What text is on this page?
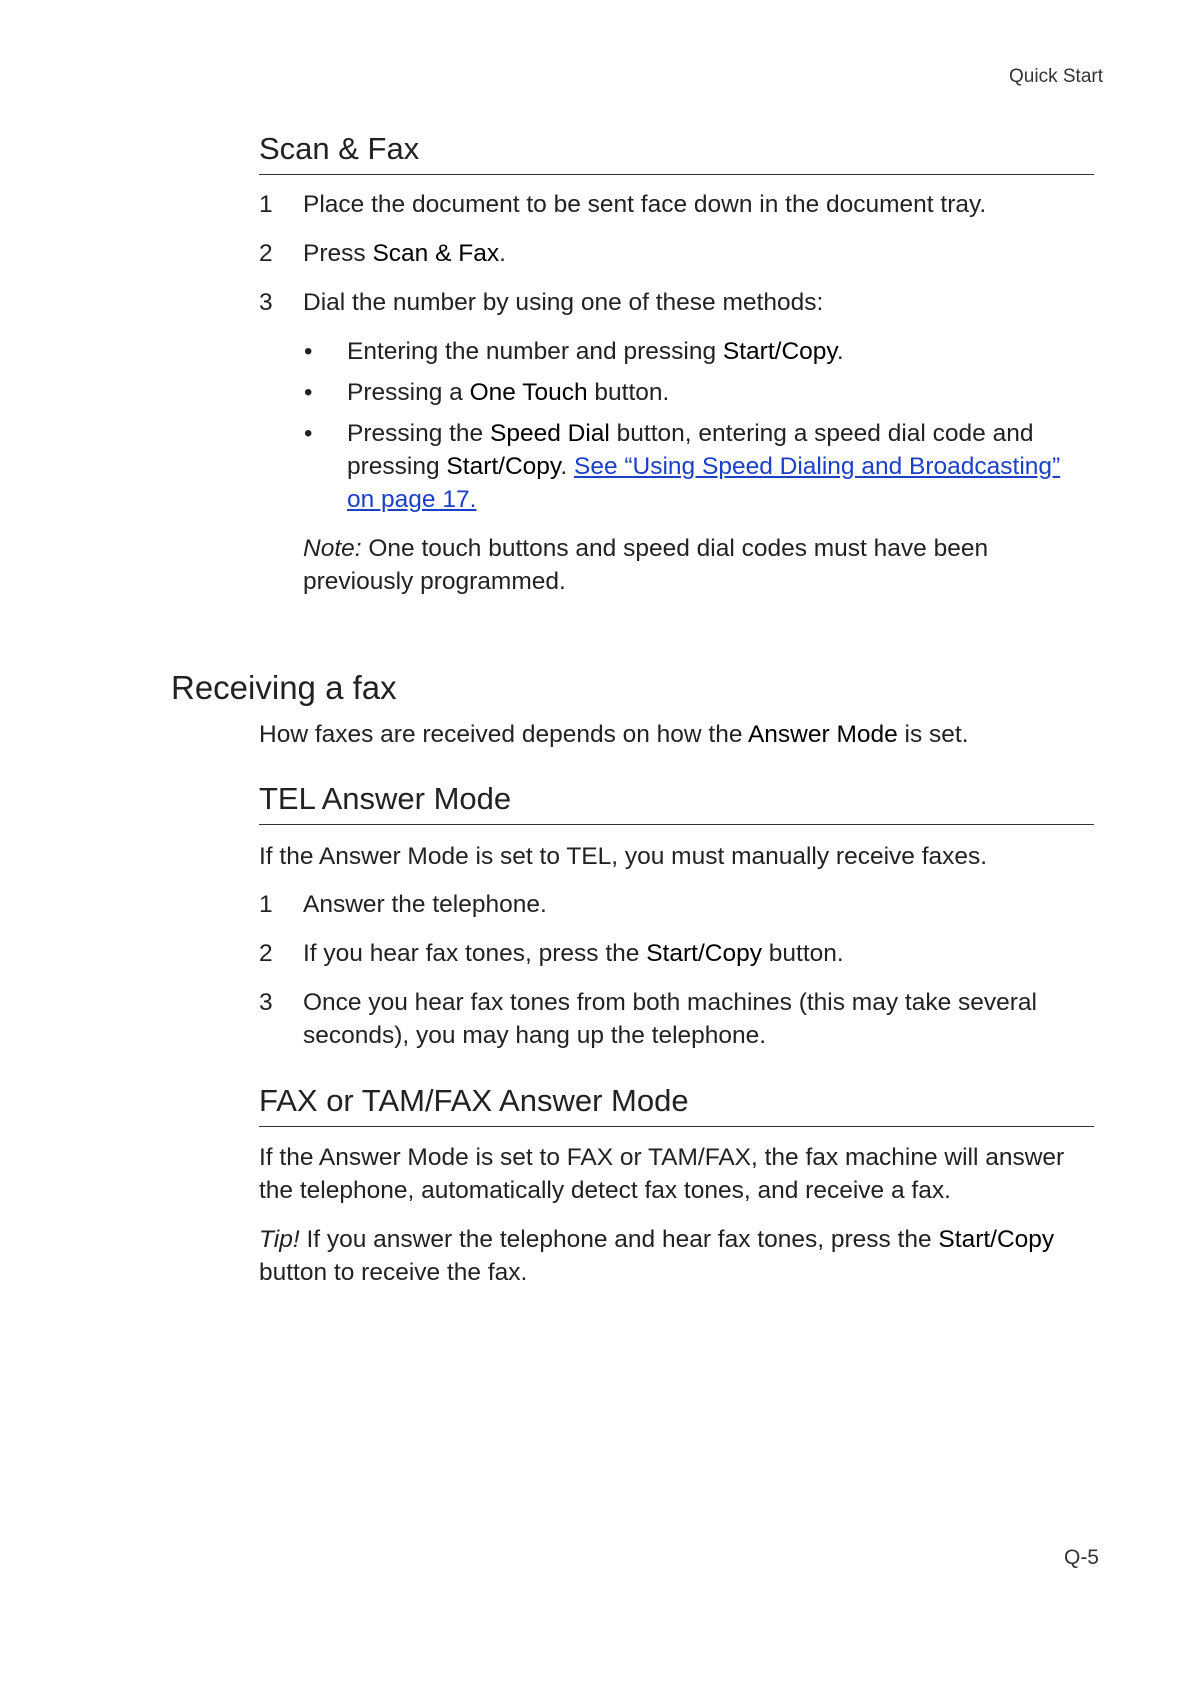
Quick Start
Scan & Fax
1 Place the document to be sent face down in the document tray.
2 Press Scan & Fax.
3 Dial the number by using one of these methods:
• Entering the number and pressing Start/Copy.
• Pressing a One Touch button.
• Pressing the Speed Dial button, entering a speed dial code and pressing Start/Copy. See “Using Speed Dialing and Broadcasting” on page 17.
Note: One touch buttons and speed dial codes must have been previously programmed.
Receiving a fax
How faxes are received depends on how the Answer Mode is set.
TEL Answer Mode
If the Answer Mode is set to TEL, you must manually receive faxes.
1 Answer the telephone.
2 If you hear fax tones, press the Start/Copy button.
3 Once you hear fax tones from both machines (this may take several seconds), you may hang up the telephone.
FAX or TAM/FAX Answer Mode
If the Answer Mode is set to FAX or TAM/FAX, the fax machine will answer the telephone, automatically detect fax tones, and receive a fax.
Tip! If you answer the telephone and hear fax tones, press the Start/Copy button to receive the fax.
Q-5
